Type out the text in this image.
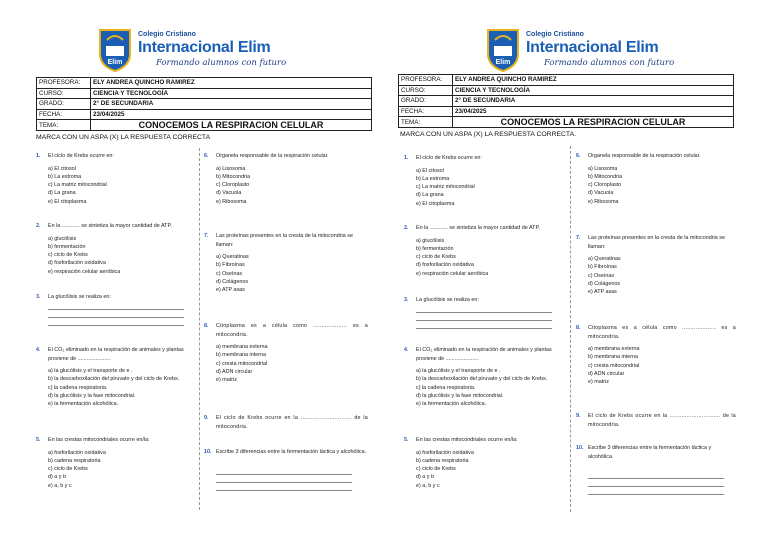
Elim
Colegio Cristiano
Internacional Elim
Formando alumnos con futuro
PROFESORA:	ELY ANDREA QUINCHO RAMIREZ
CURSO:	CIENCIA Y TECNOLOGÍA
GRADO:	2° DE SECUNDARIA
FECHA:	23/04/2025
TEMA:	CONOCEMOS LA RESPIRACION CELULAR
MARCA CON UN ASPA (X) LA RESPUESTA CORRECTA
1. El ciclo de Krebs ocurre en:
a) El citosol
b) La estroma
c) La matriz mitocondrial
d) La grana
e) El citoplasma
2. En la ............ se sintetiza la mayor cantidad de ATP.
a) glucólisis
b) fermentación
c) ciclo de Krebs
d) fosforilación oxidativa
e) respiración celular aeróbica
3. La glucólisis se realiza en:
4. El CO₂ eliminado en la respiración de animales y plantas proviene de ......................
a) la glucólisis y el transporte de e .
b) la descarboxilación del piruvato y del ciclo de Krebs.
c) la cadena respiratoria.
d) la glucólisis y la fase mitocondrial.
e) la fermentación alcohólica.
5. En las crestas mitocondriales ocurre en/la:
a) fosforilación oxidativa
b) cadena respiratoria
c) ciclo de Krebs
d) a y b
e) a, b y c
6. Organela responsable de la respiración celular.
a) Lisosoma
b) Mitocondria
c) Cloroplasto
d) Vacuola
e) Ribosoma
7. Las proteínas presentes en la cresta de la mitocondria se llaman:
a) Queratinas
b) Fibroínas
c) Oseínas
d) Colágenos
e) ATP asas
8. Citoplasma es a célula como .................... es a mitocondria.
a) membrana externa
b) membrana interna
c) cresta mitocondrial
d) ADN circular
e) matriz
9. El ciclo de Krebs ocurre en la .............................. de la mitocondria.
10. Escribe 3 diferencias entre la fermentación láctica y alcohólica.
Elim
Colegio Cristiano
Internacional Elim
Formando alumnos con futuro
PROFESORA:	ELY ANDREA QUINCHO RAMIREZ
CURSO:	CIENCIA Y TECNOLOGÍA
GRADO:	2° DE SECUNDARIA
FECHA:	23/04/2025
TEMA:	CONOCEMOS LA RESPIRACION CELULAR
MARCA CON UN ASPA (X) LA RESPUESTA CORRECTA.
1. El ciclo de Krebs ocurre en:
a) El citosol
b) La estroma
c) La matriz mitocondrial
d) La grana
e) El citoplasma
2. En la ............ se sintetiza la mayor cantidad de ATP.
a) glucólisis
b) fermentación
c) ciclo de Krebs
d) fosforilación oxidativa
e) respiración celular aeróbica
3. La glucólisis se realiza en:
4. El CO₂ eliminado en la respiración de animales y plantas proviene de ......................
a) la glucólisis y el transporte de e .
b) la descarboxilación del piruvato y del ciclo de Krebs.
c) la cadena respiratoria.
d) la glucólisis y la fase mitocondrial.
e) la fermentación alcohólica.
5. En las crestas mitocondriales ocurre en/la:
a) fosforilación oxidativa
b) cadena respiratoria
c) ciclo de Krebs
d) a y b
e) a, b y c
6. Organela responsable de la respiración celular.
a) Lisosoma
b) Mitocondria
c) Cloroplasto
d) Vacuola
e) Ribosoma
7. Las proteínas presentes en la cresta de la mitocondria se llaman:
a) Queratinas
b) Fibroínas
c) Oseínas
d) Colágenos
e) ATP asas
8. Citoplasma es a célula como .................... es a mitocondria.
a) membrana externa
b) membrana interna
c) cresta mitocondrial
d) ADN circular
e) matriz
9. El ciclo de Krebs ocurre en la .............................. de la mitocondria.
10. Escribe 3 diferencias entre la fermentación láctica y alcohólica.
